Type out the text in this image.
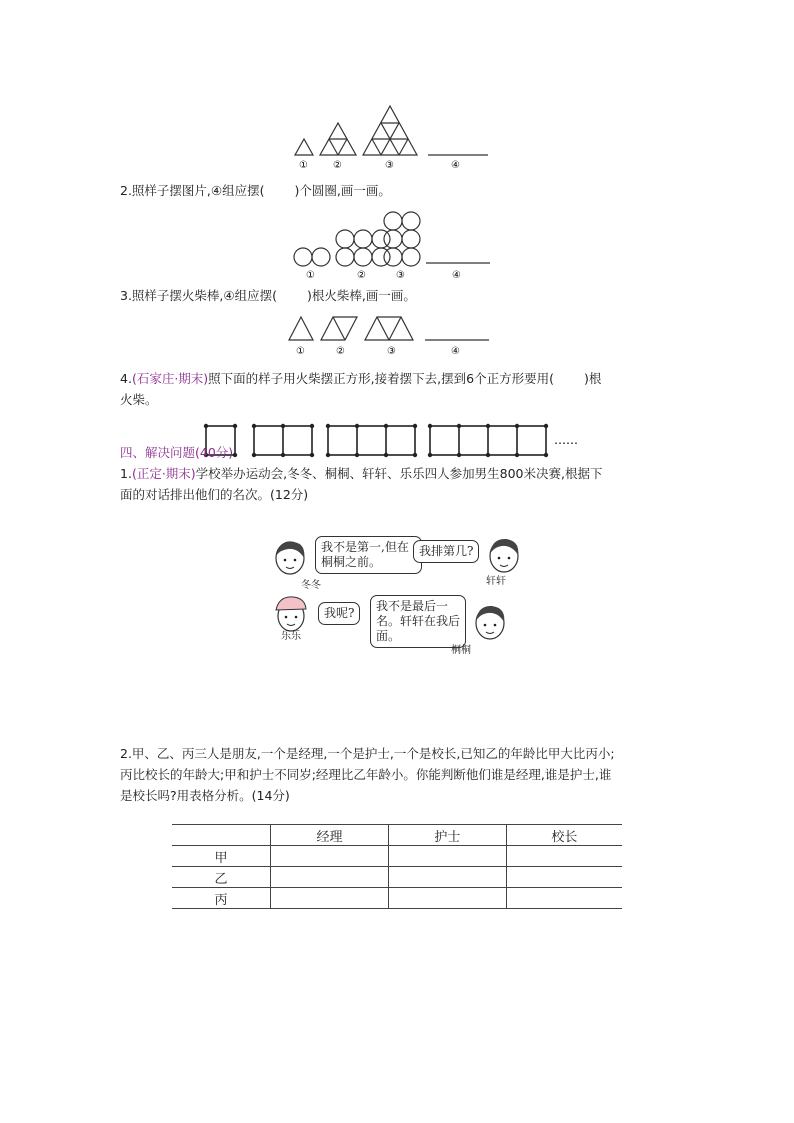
①	②	③	④
2.照样子摆图片,④组应摆( )个圆圈,画一画。
①	②	③	④
3.照样子摆火柴棒,④组应摆( )根火柴棒,画一画。
①	②	③	④
4.(石家庄·期末)照下面的样子用火柴摆正方形,接着摆下去,摆到6个正方形要用( )根
火柴。
……
四、解决问题(40分)
1.(正定·期末)学校举办运动会,冬冬、桐桐、轩轩、乐乐四人参加男生800米决赛,根据下
面的对话排出他们的名次。(12分)
我不是第一,但在桐桐之前。
冬冬
我排第几?
轩轩
我呢?
乐乐
我不是最后一名。轩轩在我后面。
桐桐
2.甲、乙、丙三人是朋友,一个是经理,一个是护士,一个是校长,已知乙的年龄比甲大比丙小;
丙比校长的年龄大;甲和护士不同岁;经理比乙年龄小。你能判断他们谁是经理,谁是护士,谁
是校长吗?用表格分析。(14分)
	经理	护士	校长
甲			
乙			
丙			
